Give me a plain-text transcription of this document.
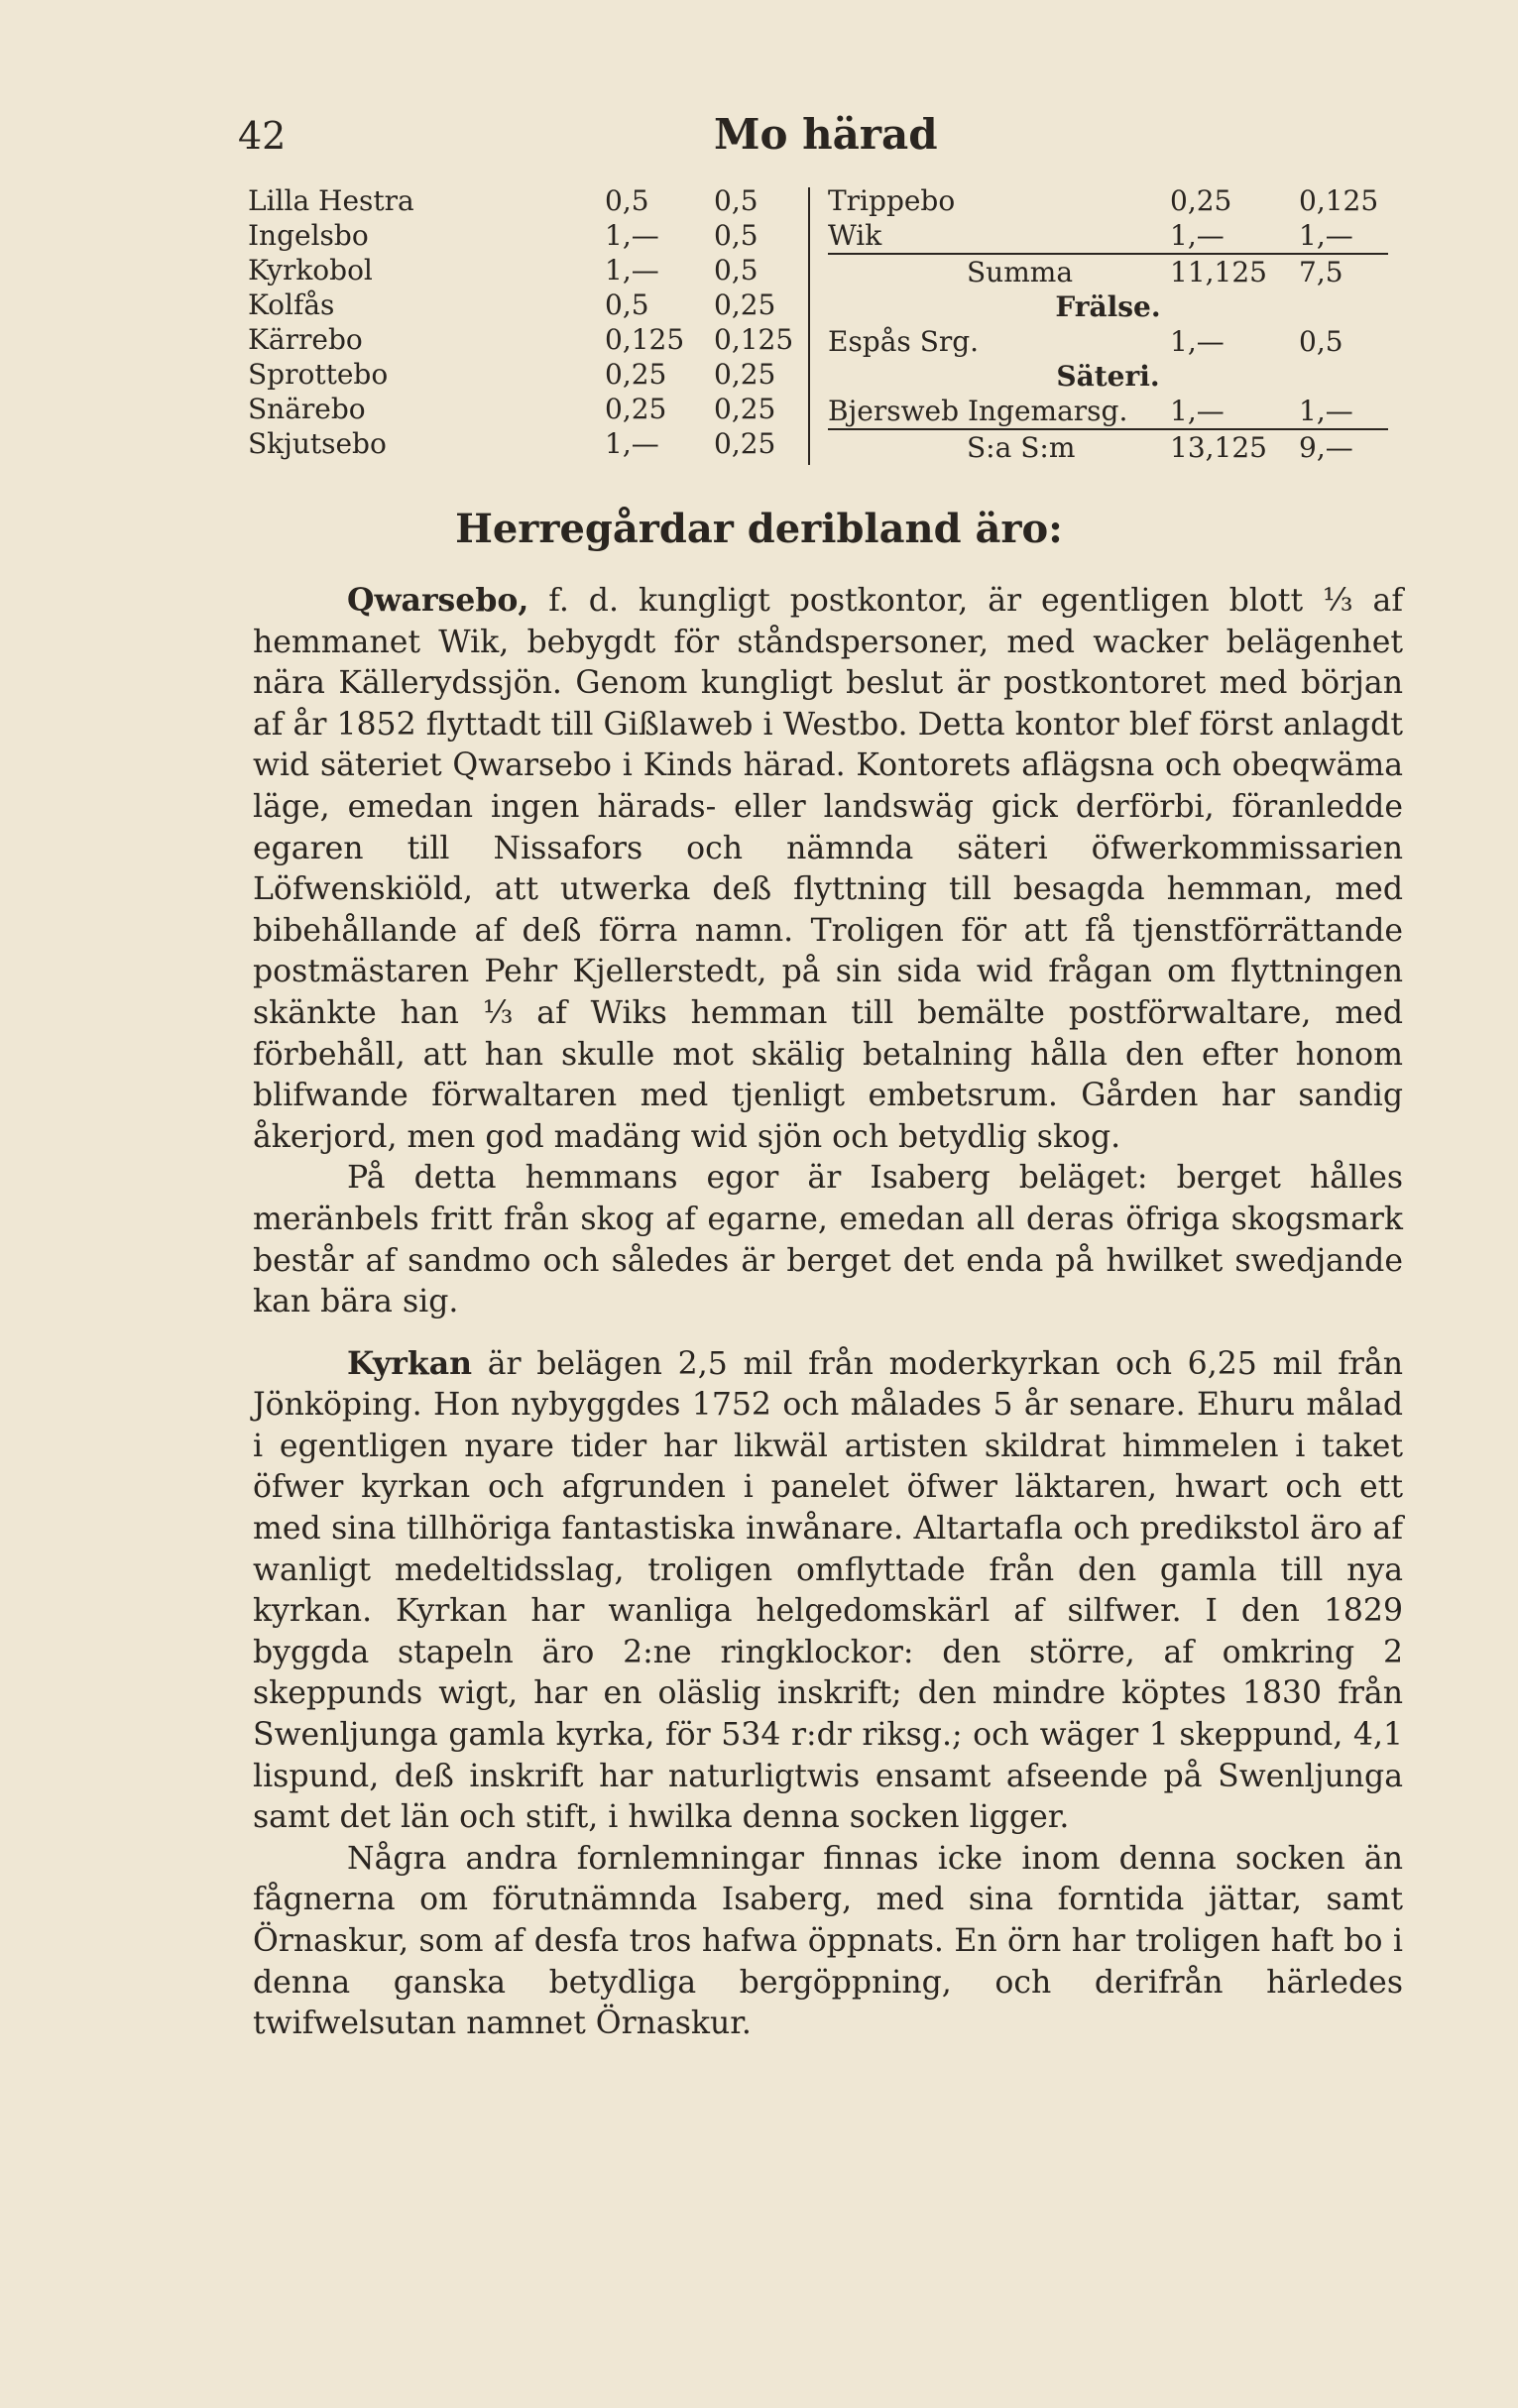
42	Mo härad
Lilla Hestra	0,5 0,5
Ingelsbo	1,— 0,5
Kyrkobol	1,— 0,5
Kolfås	0,5 0,25
Kärrebo	0,125 0,125
Sprottebo	0,25 0,25
Snärebo	0,25 0,25
Skjutsebo	1,— 0,25
Trippebo	0,25 0,125
Wik	1,—	1,—
Summa	11,125 7,5
Frälse.
Espås Srg.	1,—	0,5
Säteri.
Bjersweb Ingemarsg. 1,—	1,—
S:a S:m	13,125 9,—
Herregårdar deribland äro:

Qwarsebo, f. d. kungligt postkontor, är egentligen blott ⅓ af hemmanet Wik, bebygdt för ståndspersoner, med wacker belägenhet nära Källerydssjön. Genom kungligt beslut är postkontoret med början af år 1852 flyttadt till Gißlaweb i Westbo. Detta kontor blef först anlagdt wid säteriet Qwarsebo i Kinds härad. Kontorets aflägsna och obeqwäma läge, emedan ingen härads- eller landswäg gick derförbi, föranledde egaren till Nissafors och nämnda säteri öfwerkommissarien Löfwenskiöld, att utwerka deß flyttning till besagda hemman, med bibehållande af deß förra namn. Troligen för att få tjenstförrättande postmästaren Pehr Kjellerstedt, på sin sida wid frågan om flyttningen skänkte han ⅓ af Wiks hemman till bemälte postförwaltare, med förbehåll, att han skulle mot skälig betalning hålla den efter honom blifwande förwaltaren med tjenligt embetsrum. Gården har sandig åkerjord, men god madäng wid sjön och betydlig skog.

På detta hemmans egor är Isaberg beläget: berget hålles meränbels fritt från skog af egarne, emedan all deras öfriga skogsmark består af sandmo och således är berget det enda på hwilket swedjande kan bära sig.

Kyrkan är belägen 2,5 mil från moderkyrkan och 6,25 mil från Jönköping. Hon nybyggdes 1752 och målades 5 år senare. Ehuru målad i egentligen nyare tider har likwäl artisten skildrat himmelen i taket öfwer kyrkan och afgrunden i panelet öfwer läktaren, hwart och ett med sina tillhöriga fantastiska inwånare. Altartafla och predikstol äro af wanligt medeltidsslag, troligen omflyttade från den gamla till nya kyrkan. Kyrkan har wanliga helgedomskärl af silfwer. I den 1829 byggda stapeln äro 2:ne ringklockor: den större, af omkring 2 skeppunds wigt, har en oläslig inskrift; den mindre köptes 1830 från Swenljunga gamla kyrka, för 534 r:dr riksg.; och wäger 1 skeppund, 4,1 lispund, deß inskrift har naturligtwis ensamt afseende på Swenljunga samt det län och stift, i hwilka denna socken ligger.

Några andra fornlemningar finnas icke inom denna socken än fågnerna om förutnämnda Isaberg, med sina forntida jättar, samt Örnaskur, som af desfa tros hafwa öppnats. En örn har troligen haft bo i denna ganska betydliga bergöppning, och derifrån härledes twifwelsutan namnet Örnaskur.
